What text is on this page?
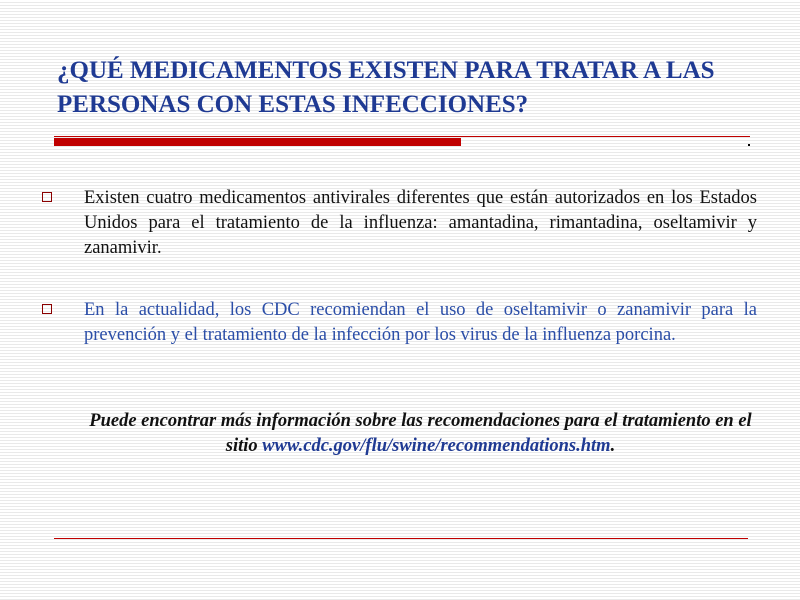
¿QUÉ MEDICAMENTOS EXISTEN PARA TRATAR A LAS PERSONAS CON ESTAS INFECCIONES?
Existen cuatro medicamentos antivirales diferentes que están autorizados en los Estados Unidos para el tratamiento de la influenza: amantadina, rimantadina, oseltamivir y zanamivir.
En la actualidad, los CDC recomiendan el uso de oseltamivir o zanamivir para la prevención y el tratamiento de la infección por los virus de la influenza porcina.
Puede encontrar más información sobre las recomendaciones para el tratamiento en el sitio www.cdc.gov/flu/swine/recommendations.htm.
